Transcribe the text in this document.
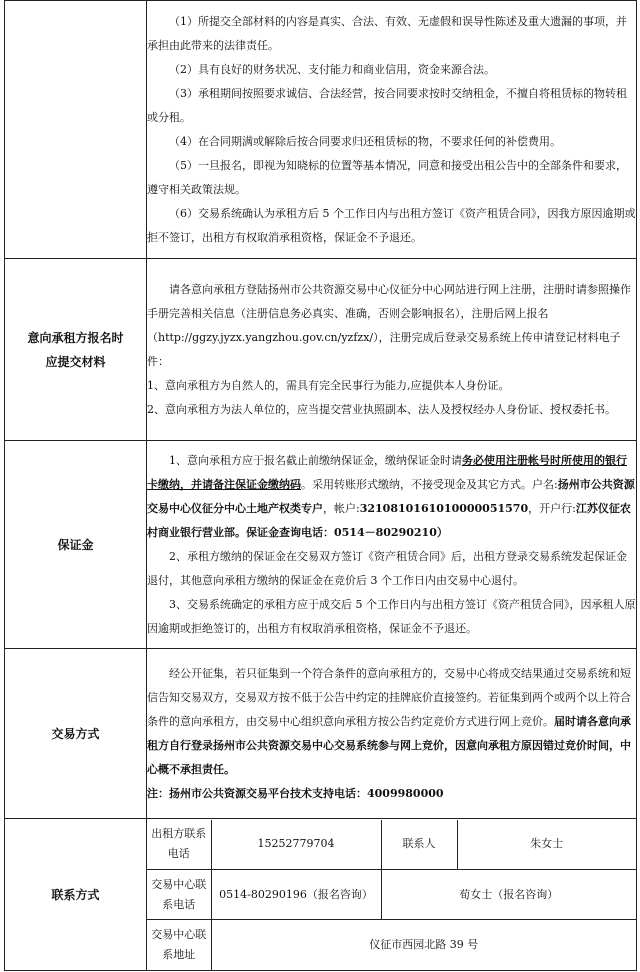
（1）所提交全部材料的内容是真实、合法、有效、无虚假和误导性陈述及重大遗漏的事项，并承担由此带来的法律责任。

（2）具有良好的财务状况、支付能力和商业信用，资金来源合法。

（3）承租期间按照要求诚信、合法经营，按合同要求按时交纳租金，不擅自将租赁标的物转租或分租。

（4）在合同期满或解除后按合同要求归还租赁标的物，不要求任何的补偿费用。

（5）一旦报名，即视为知晓标的位置等基本情况，同意和接受出租公告中的全部条件和要求，遵守相关政策法规。

（6）交易系统确认为承租方后 5 个工作日内与出租方签订《资产租赁合同》，因我方原因逾期或拒不签订，出租方有权取消承租资格，保证金不予退还。

意向承租方报名时
应提交材料

请各意向承租方登陆扬州市公共资源交易中心仪征分中心网站进行网上注册，注册时请参照操作手册完善相关信息（注册信息务必真实、准确，否则会影响报名），注册后网上报名（http://ggzy.jyzx.yangzhou.gov.cn/yzfzx/），注册完成后登录交易系统上传申请登记材料电子件：

1、意向承租方为自然人的，需具有完全民事行为能力,应提供本人身份证。

2、意向承租方为法人单位的，应当提交营业执照副本、法人及授权经办人身份证、授权委托书。

保证金	

1、意向承租方应于报名截止前缴纳保证金，缴纳保证金时请务必使用注册帐号时所使用的银行卡缴纳，并请备注保证金缴纳码。采用转账形式缴纳，不接受现金及其它方式。户名:扬州市公共资源交易中心仪征分中心土地产权类专户，帐户:3210810161010000051570，开户行:江苏仪征农村商业银行营业部。保证金查询电话：0514－80290210）

2、承租方缴纳的保证金在交易双方签订《资产租赁合同》后，出租方登录交易系统发起保证金退付，其他意向承租方缴纳的保证金在竞价后 3 个工作日内由交易中心退付。

3、交易系统确定的承租方应于成交后 5 个工作日内与出租方签订《资产租赁合同》，因承租人原因逾期或拒绝签订的，出租方有权取消承租资格，保证金不予退还。

交易方式	

经公开征集，若只征集到一个符合条件的意向承租方的，交易中心将成交结果通过交易系统和短信告知交易双方，交易双方按不低于公告中约定的挂牌底价直接签约。若征集到两个或两个以上符合条件的意向承租方，由交易中心组织意向承租方按公告约定竞价方式进行网上竞价。届时请各意向承租方自行登录扬州市公共资源交易中心交易系统参与网上竞价，因意向承租方原因错过竞价时间，中心概不承担责任。

注：扬州市公共资源交易平台技术支持电话：4009980000

联系方式	
出租方联系电话	15252779704	联系人	朱女士
交易中心联系电话	0514-80290196（报名咨询）	荀女士（报名咨询）
交易中心联系地址	仪征市西园北路 39 号
